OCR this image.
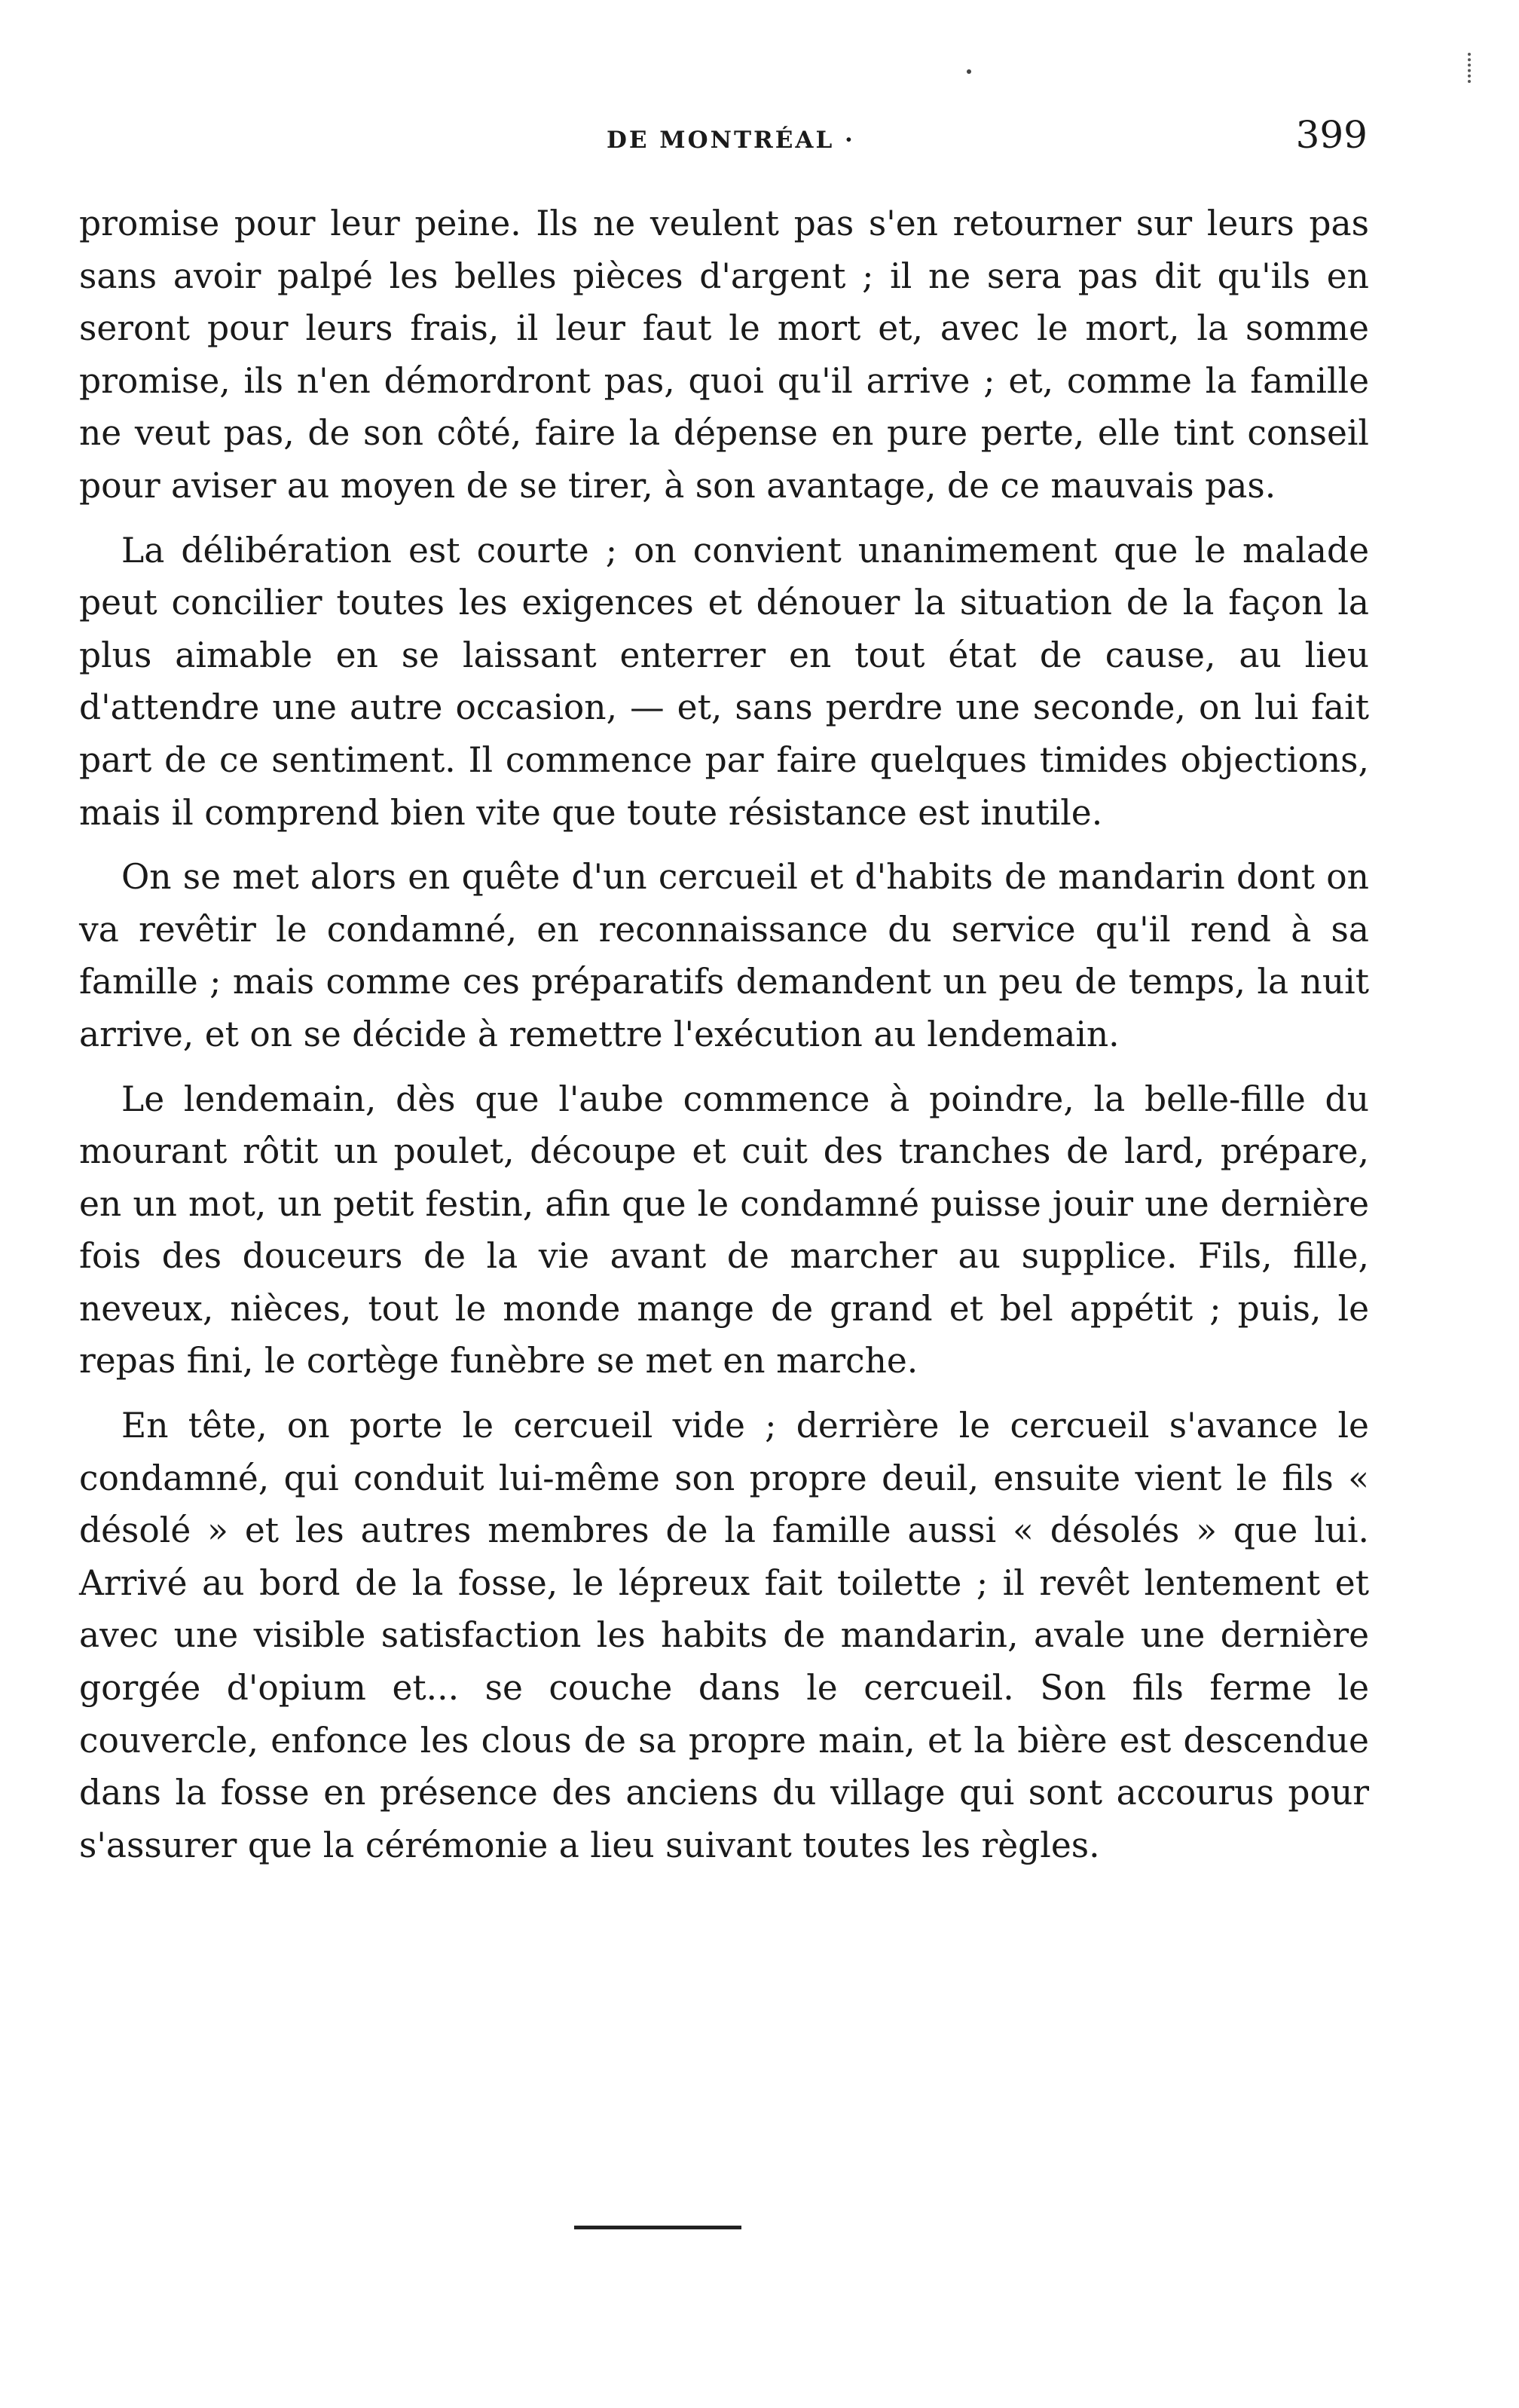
DE MONTRÉAL ·	399

promise pour leur peine. Ils ne veulent pas s'en retourner sur leurs pas sans avoir palpé les belles pièces d'argent ; il ne sera pas dit qu'ils en seront pour leurs frais, il leur faut le mort et, avec le mort, la somme promise, ils n'en démordront pas, quoi qu'il arrive ; et, comme la famille ne veut pas, de son côté, faire la dépense en pure perte, elle tint conseil pour aviser au moyen de se tirer, à son avantage, de ce mauvais pas.

La délibération est courte ; on convient unanimement que le malade peut concilier toutes les exigences et dénouer la situation de la façon la plus aimable en se laissant enterrer en tout état de cause, au lieu d'attendre une autre occasion, — et, sans perdre une seconde, on lui fait part de ce sentiment. Il commence par faire quelques timides objections, mais il comprend bien vite que toute résistance est inutile.

On se met alors en quête d'un cercueil et d'habits de mandarin dont on va revêtir le condamné, en reconnaissance du service qu'il rend à sa famille ; mais comme ces préparatifs demandent un peu de temps, la nuit arrive, et on se décide à remettre l'exécution au lendemain.

Le lendemain, dès que l'aube commence à poindre, la belle-fille du mourant rôtit un poulet, découpe et cuit des tranches de lard, prépare, en un mot, un petit festin, afin que le condamné puisse jouir une dernière fois des douceurs de la vie avant de marcher au supplice. Fils, fille, neveux, nièces, tout le monde mange de grand et bel appétit ; puis, le repas fini, le cortège funèbre se met en marche.

En tête, on porte le cercueil vide ; derrière le cercueil s'avance le condamné, qui conduit lui-même son propre deuil, ensuite vient le fils « désolé » et les autres membres de la famille aussi « désolés » que lui. Arrivé au bord de la fosse, le lépreux fait toilette ; il revêt lentement et avec une visible satisfaction les habits de mandarin, avale une dernière gorgée d'opium et... se couche dans le cercueil. Son fils ferme le couvercle, enfonce les clous de sa propre main, et la bière est descendue dans la fosse en présence des anciens du village qui sont accourus pour s'assurer que la cérémonie a lieu suivant toutes les règles.
